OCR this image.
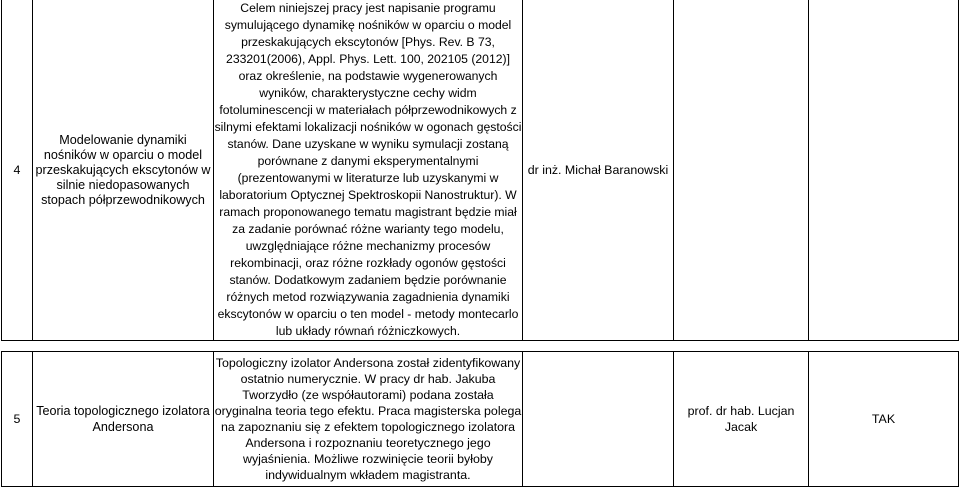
4	Modelowanie dynamiki nośników w oparciu o model przeskakujących ekscytonów w silnie niedopasowanych stopach półprzewodnikowych	Celem niniejszej pracy jest napisanie programu symulującego dynamikę nośników w oparciu o model przeskakujących ekscytonów [Phys. Rev. B 73, 233201(2006), Appl. Phys. Lett. 100, 202105 (2012)] oraz określenie, na podstawie wygenerowanych wyników, charakterystyczne cechy widm fotoluminescencji w materiałach półprzewodnikowych z silnymi efektami lokalizacji nośników w ogonach gęstości stanów. Dane uzyskane w wyniku symulacji zostaną porównane z danymi eksperymentalnymi (prezentowanymi w literaturze lub uzyskanymi w laboratorium Optycznej Spektroskopii Nanostruktur). W ramach proponowanego tematu magistrant będzie miał za zadanie porównać różne warianty tego modelu, uwzględniające różne mechanizmy procesów rekombinacji, oraz różne rozkłady ogonów gęstości stanów. Dodatkowym zadaniem będzie porównanie różnych metod rozwiązywania zagadnienia dynamiki ekscytonów w oparciu o ten model - metody montecarlo lub układy równań różniczkowych.	dr inż. Michał Baranowski		

5	Teoria topologicznego izolatora Andersona	Topologiczny izolator Andersona został zidentyfikowany ostatnio numerycznie. W pracy dr hab. Jakuba Tworzydło (ze współautorami) podana została oryginalna teoria tego efektu. Praca magisterska polega na zapoznaniu się z efektem topologicznego izolatora Andersona i rozpoznaniu teoretycznego jego wyjaśnienia. Możliwe rozwinięcie teorii byłoby indywidualnym wkładem magistranta.		prof. dr hab. Lucjan Jacak	TAK
